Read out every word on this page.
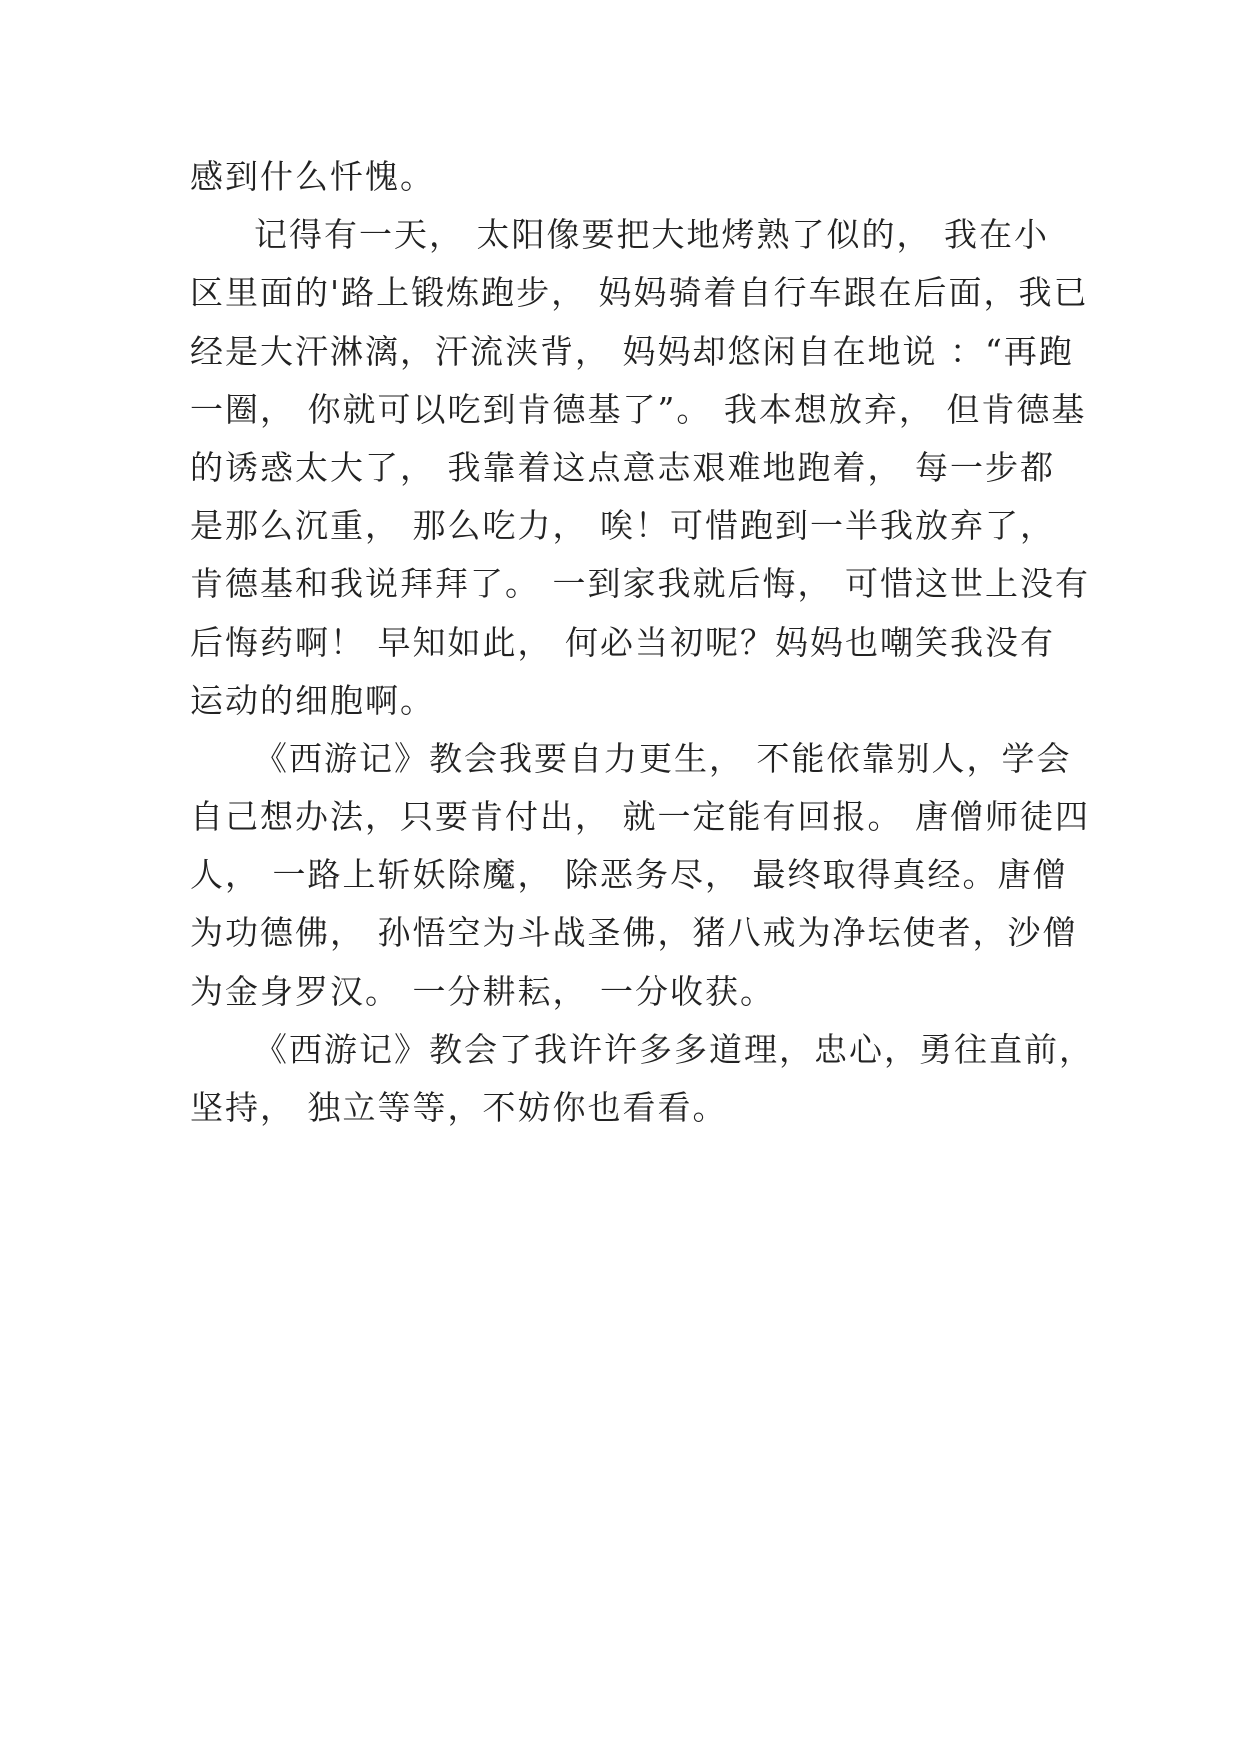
感到什么忏愧。
记得有一天， 太阳像要把大地烤熟了似的， 我在小
区里面的'路上锻炼跑步， 妈妈骑着自行车跟在后面，我已
经是大汗淋漓，汗流浃背， 妈妈却悠闲自在地说 ：“再跑
一圈， 你就可以吃到肯德基了”。 我本想放弃， 但肯德基
的诱惑太大了， 我靠着这点意志艰难地跑着， 每一步都
是那么沉重， 那么吃力， 唉！可惜跑到一半我放弃了，
肯德基和我说拜拜了。 一到家我就后悔， 可惜这世上没有
后悔药啊！ 早知如此， 何必当初呢？妈妈也嘲笑我没有
运动的细胞啊。
《西游记》教会我要自力更生， 不能依靠别人，学会
自己想办法，只要肯付出， 就一定能有回报。 唐僧师徒四
人， 一路上斩妖除魔， 除恶务尽， 最终取得真经。唐僧
为功德佛， 孙悟空为斗战圣佛，猪八戒为净坛使者，沙僧
为金身罗汉。 一分耕耘， 一分收获。
《西游记》教会了我许许多多道理，忠心，勇往直前，
坚持， 独立等等，不妨你也看看。
